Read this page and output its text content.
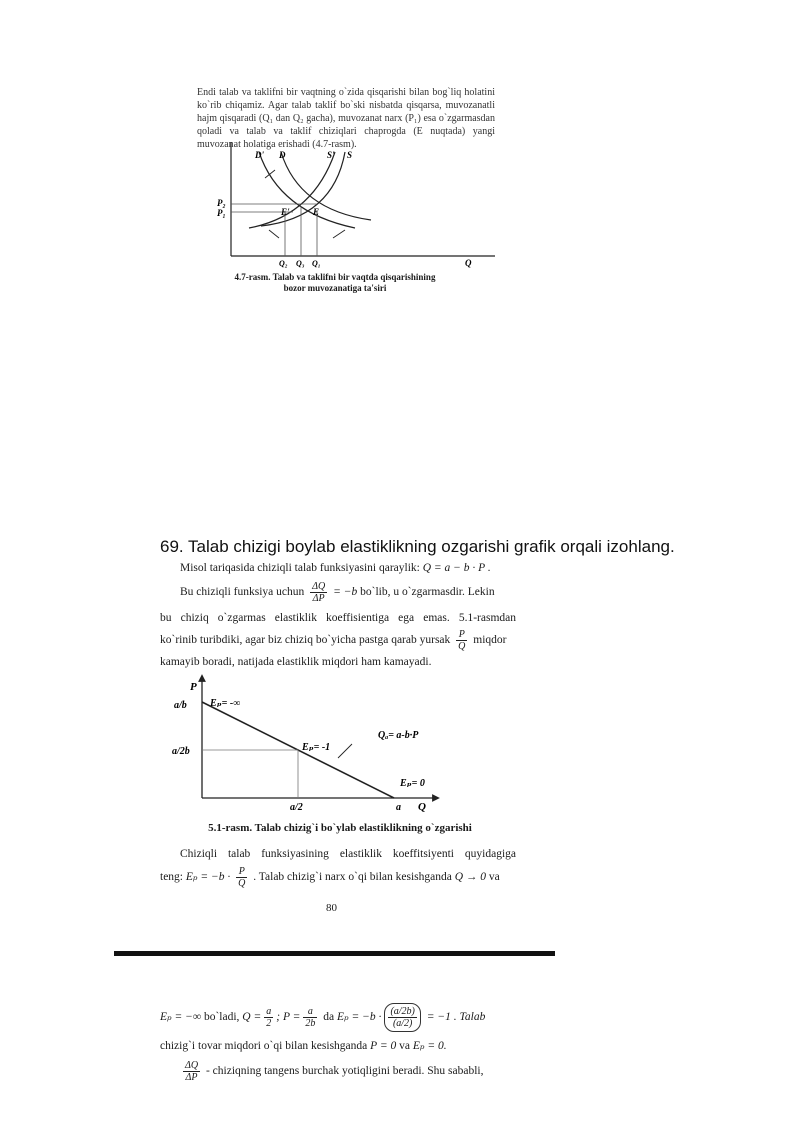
Endi talab va taklifni bir vaqtning o`zida qisqarishi bilan bog`liq holatini ko`rib chiqamiz. Agar talab taklif bo`ski nisbatda qisqarsa, muvozanatli hajm qisqaradi (Q₁ dan Q₂ gacha), muvozanat narx (P₁) esa o`zgarmasdan qoladi va talab va taklif chiziqlari chaprogda (E nuqtada) yangi muvozanat holatiga erishadi (4.7-rasm).

D' D	S' S
P₂
P₁	E'	E
Q₂ Q₃ Q₁	Q
4.7-rasm. Talab va taklifni bir vaqtda qisqarishining
bozor muvozanatiga ta'siri
69. Talab chizigi boylab elastiklikning ozgarishi grafik orqali izohlang.

Misol tariqasida chiziqli talab funksiyasini qaraylik: Q = a − b · P .

Bu chiziqli funksiya uchun $\frac{\Delta Q}{\Delta P} = -b$ bo`lib, u o`zgarmasdir. Lekin

bu chiziq o`zgarmas elastiklik koeffisientiga ega emas. 5.1-rasmdan

ko`rinib turibdiki, agar biz chiziq bo`yicha pastga qarab yursak $\frac{P}{Q}$ miqdor

kamayib boradi, natijada elastiklik miqdori ham kamayadi.

P
Q
a/b
a/2b
a/2	a
Eₚ= -∞
Eₚ= -1
Eₚ= 0
Qₐ= a-b·P
5.1-rasm. Talab chizig`i bo`ylab elastiklikning o`zgarishi

Chiziqli talab funksiyasining elastiklik koeffitsiyenti quyidagiga

teng: $E_p = -b \cdot \frac{P}{Q}$ . Talab chizig`i narx o`qi bilan kesishganda Q → 0 va

80

Eₚ = −∞ bo`ladi, $Q = \frac{a}{2}$ ; $P = \frac{a}{2b}$ da $E_p = -b \cdot \frac{(a/2b)}{(a/2)} = -1$ . Talab

chizig`i tovar miqdori o`qi bilan kesishganda P = 0 va Eₚ = 0.

$\frac{\Delta Q}{\Delta P}$ - chiziqning tangens burchak yotiqligini beradi. Shu sababli,
